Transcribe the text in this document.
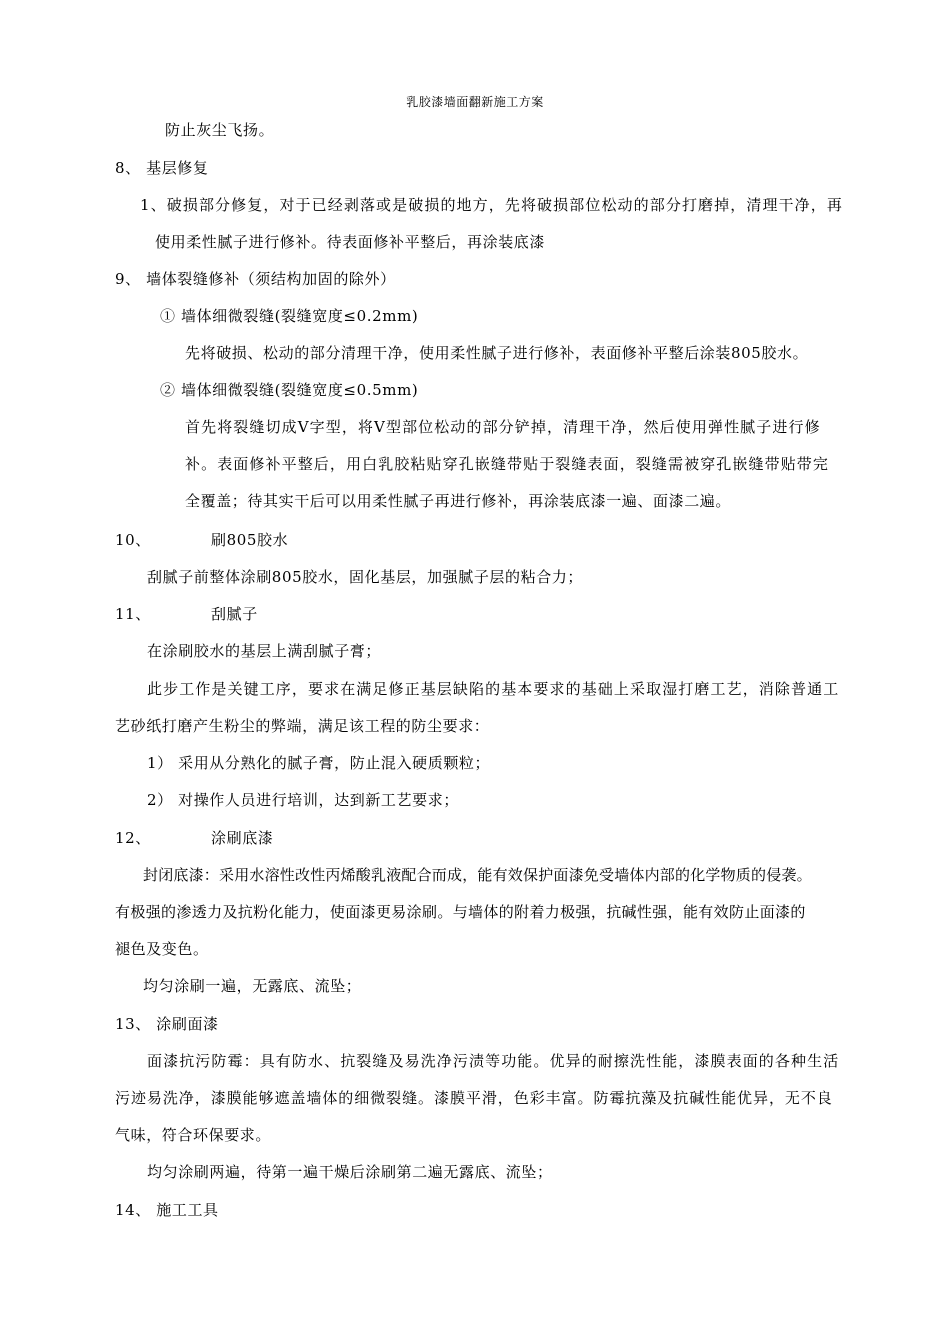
乳胶漆墙面翻新施工方案
防止灰尘飞扬。
8、 基层修复
1、破损部分修复，对于已经剥落或是破损的地方，先将破损部位松动的部分打磨掉，清理干净，再
使用柔性腻子进行修补。待表面修补平整后，再涂装底漆
9、 墙体裂缝修补（须结构加固的除外）
① 墙体细微裂缝(裂缝宽度≤0.2mm)
先将破损、松动的部分清理干净，使用柔性腻子进行修补，表面修补平整后涂装805胶水。
② 墙体细微裂缝(裂缝宽度≤0.5mm)
首先将裂缝切成V字型，将V型部位松动的部分铲掉，清理干净，然后使用弹性腻子进行修
补。表面修补平整后，用白乳胶粘贴穿孔嵌缝带贴于裂缝表面，裂缝需被穿孔嵌缝带贴带完
全覆盖；待其实干后可以用柔性腻子再进行修补，再涂装底漆一遍、面漆二遍。
10、	刷805胶水
刮腻子前整体涂刷805胶水，固化基层，加强腻子层的粘合力；
11、	刮腻子
在涂刷胶水的基层上满刮腻子膏；
此步工作是关键工序，要求在满足修正基层缺陷的基本要求的基础上采取湿打磨工艺，消除普通工
艺砂纸打磨产生粉尘的弊端，满足该工程的防尘要求：
1） 采用从分熟化的腻子膏，防止混入硬质颗粒；
2） 对操作人员进行培训，达到新工艺要求；
12、	涂刷底漆
封闭底漆：采用水溶性改性丙烯酸乳液配合而成，能有效保护面漆免受墙体内部的化学物质的侵袭。
有极强的渗透力及抗粉化能力，使面漆更易涂刷。与墙体的附着力极强，抗碱性强，能有效防止面漆的
褪色及变色。
均匀涂刷一遍，无露底、流坠；
13、 涂刷面漆
面漆抗污防霉：具有防水、抗裂缝及易洗净污渍等功能。优异的耐擦洗性能，漆膜表面的各种生活
污迹易洗净，漆膜能够遮盖墙体的细微裂缝。漆膜平滑，色彩丰富。防霉抗藻及抗碱性能优异，无不良
气味，符合环保要求。
均匀涂刷两遍，待第一遍干燥后涂刷第二遍无露底、流坠；
14、 施工工具
